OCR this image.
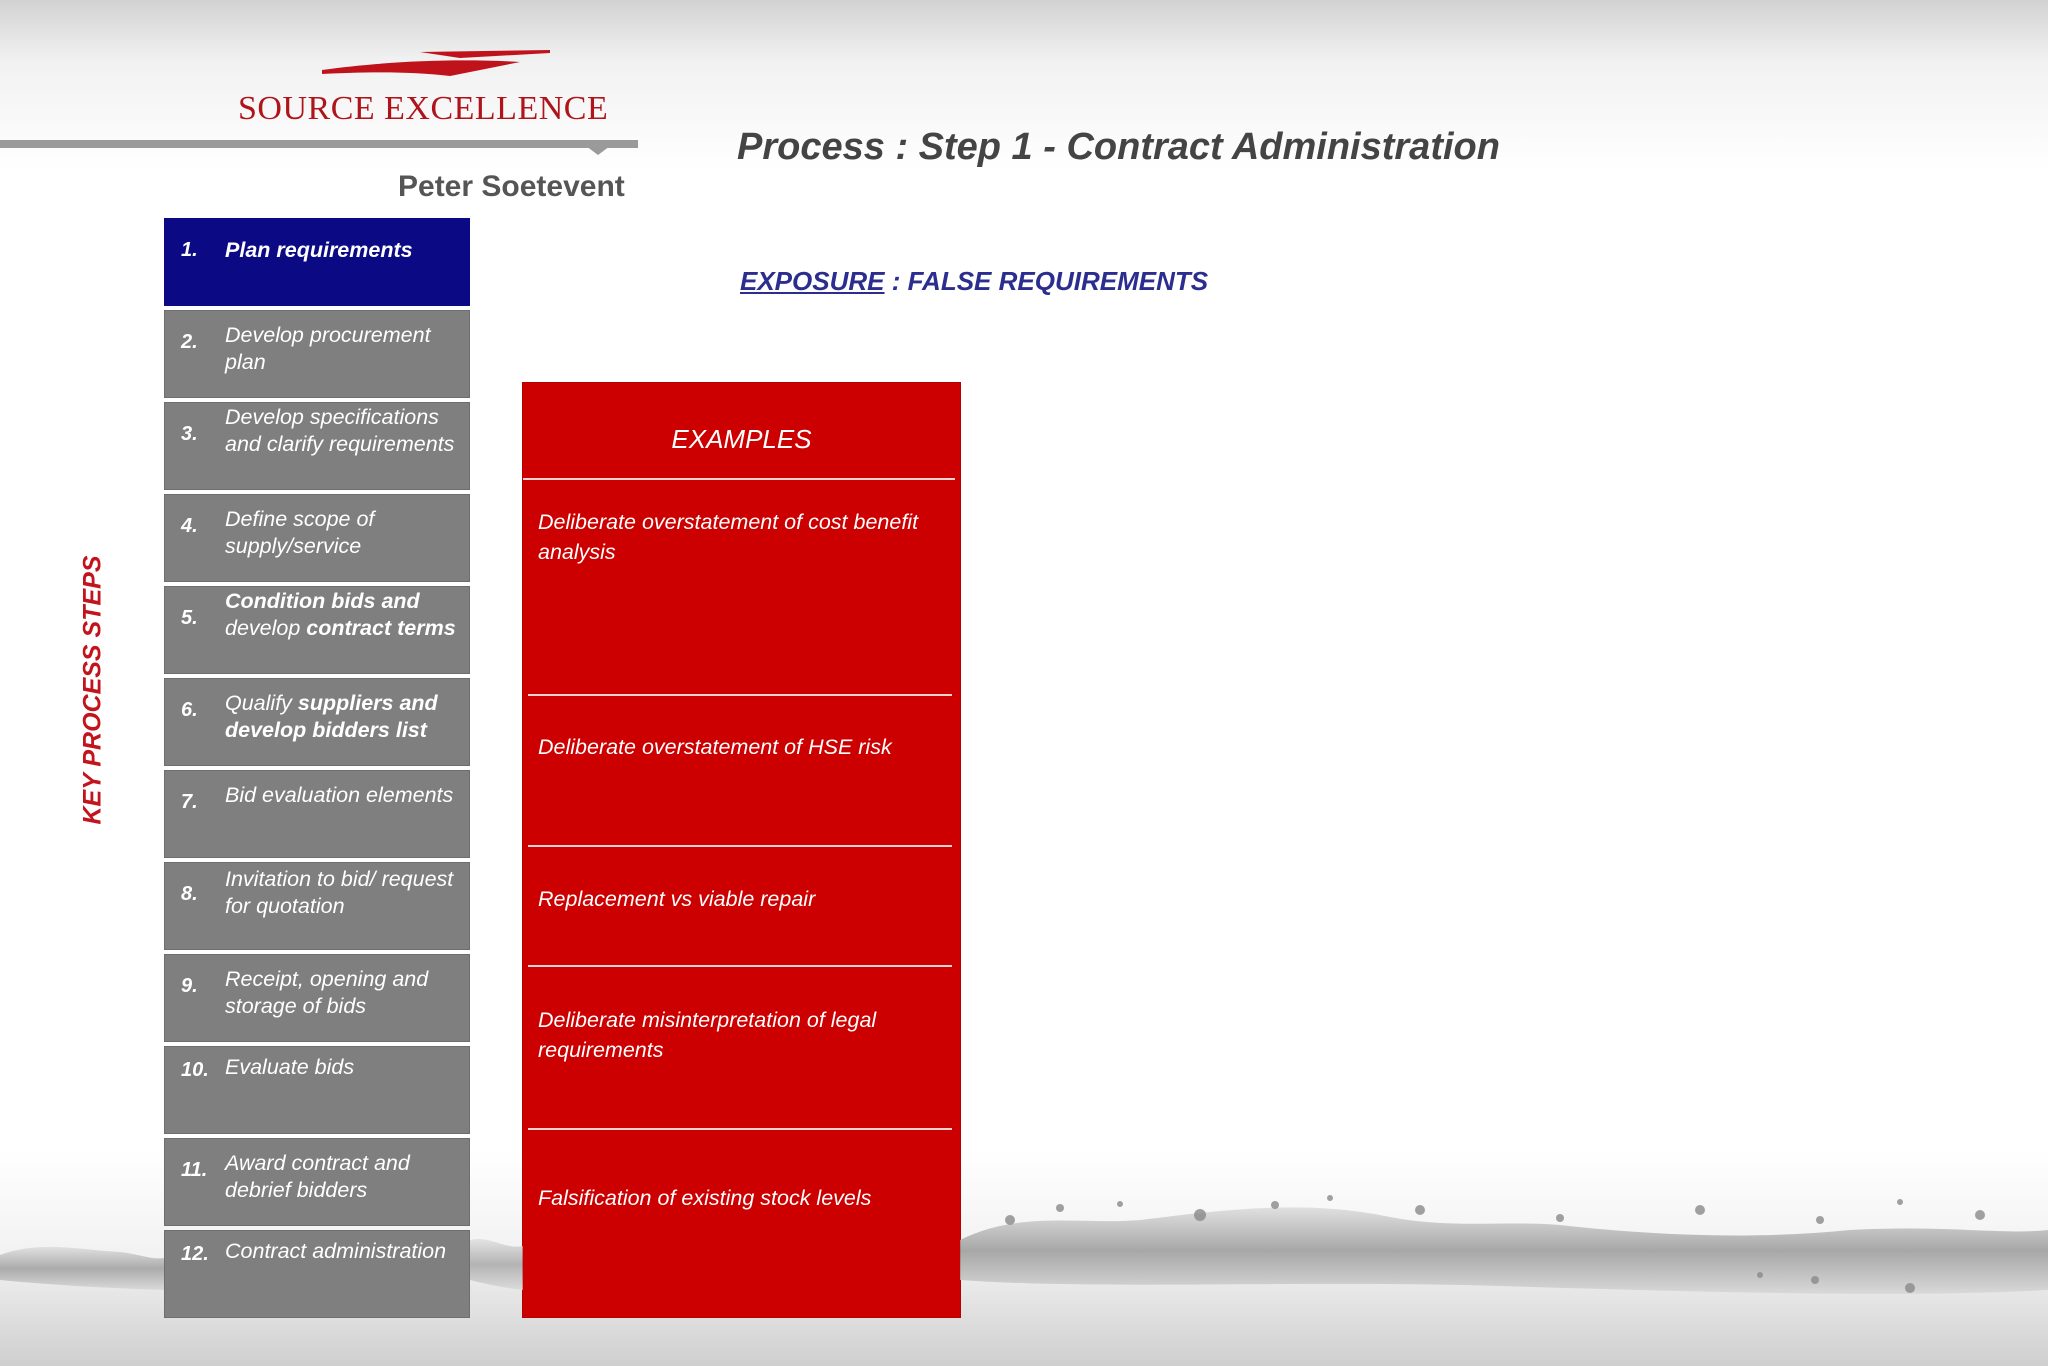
SOURCE EXCELLENCE
Peter Soetevent
Process : Step 1 - Contract Administration
EXPOSURE : FALSE REQUIREMENTS
KEY PROCESS STEPS
1. Plan requirements
2. Develop procurement plan
3.
Develop specifications and clarify requirements
4. Define scope of supply/service
5.
Condition bids and develop contract terms
6. Qualify suppliers and develop bidders list
7. Bid evaluation elements
8.
Invitation to bid/ request for quotation
9. Receipt, opening and storage of bids
10. Evaluate bids
11. Award contract and debrief bidders
12. Contract administration
EXAMPLES
Deliberate overstatement of cost benefit analysis
Deliberate overstatement of HSE risk
Replacement vs viable repair
Deliberate misinterpretation of legal requirements
Falsification of existing stock levels
